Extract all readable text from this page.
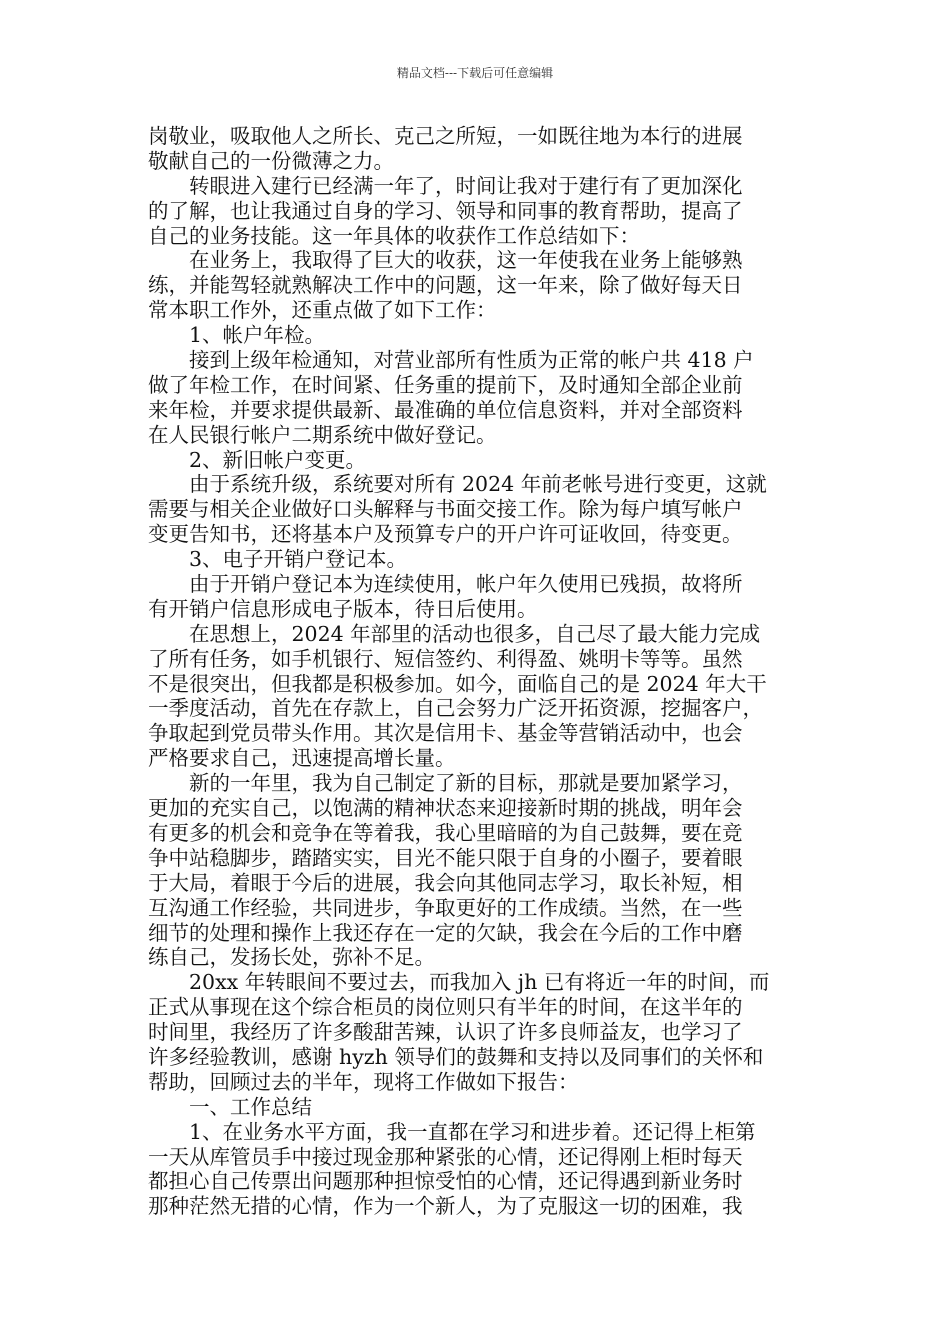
精品文档---下载后可任意编辑

岗敬业，吸取他人之所长、克己之所短，一如既往地为本行的进展
敬献自己的一份微薄之力。
　　转眼进入建行已经满一年了，时间让我对于建行有了更加深化
的了解，也让我通过自身的学习、领导和同事的教育帮助，提高了
自己的业务技能。这一年具体的收获作工作总结如下：
　　在业务上，我取得了巨大的收获，这一年使我在业务上能够熟
练，并能驾轻就熟解决工作中的问题，这一年来，除了做好每天日
常本职工作外，还重点做了如下工作：
　　1、帐户年检。
　　接到上级年检通知，对营业部所有性质为正常的帐户共 418 户
做了年检工作，在时间紧、任务重的提前下，及时通知全部企业前
来年检，并要求提供最新、最准确的单位信息资料，并对全部资料
在人民银行帐户二期系统中做好登记。
　　2、新旧帐户变更。
　　由于系统升级，系统要对所有 2024 年前老帐号进行变更，这就
需要与相关企业做好口头解释与书面交接工作。除为每户填写帐户
变更告知书，还将基本户及预算专户的开户许可证收回，待变更。
　　3、电子开销户登记本。
　　由于开销户登记本为连续使用，帐户年久使用已残损，故将所
有开销户信息形成电子版本，待日后使用。
　　在思想上，2024 年部里的活动也很多，自己尽了最大能力完成
了所有任务，如手机银行、短信签约、利得盈、姚明卡等等。虽然
不是很突出，但我都是积极参加。如今，面临自己的是 2024 年大干
一季度活动，首先在存款上，自己会努力广泛开拓资源，挖掘客户，
争取起到党员带头作用。其次是信用卡、基金等营销活动中，也会
严格要求自己，迅速提高增长量。
　　新的一年里，我为自己制定了新的目标，那就是要加紧学习，
更加的充实自己，以饱满的精神状态来迎接新时期的挑战，明年会
有更多的机会和竞争在等着我，我心里暗暗的为自己鼓舞，要在竞
争中站稳脚步，踏踏实实，目光不能只限于自身的小圈子，要着眼
于大局，着眼于今后的进展，我会向其他同志学习，取长补短，相
互沟通工作经验，共同进步，争取更好的工作成绩。当然，在一些
细节的处理和操作上我还存在一定的欠缺，我会在今后的工作中磨
练自己，发扬长处，弥补不足。
　　20xx 年转眼间不要过去，而我加入 jh 已有将近一年的时间，而
正式从事现在这个综合柜员的岗位则只有半年的时间，在这半年的
时间里，我经历了许多酸甜苦辣，认识了许多良师益友，也学习了
许多经验教训，感谢 hyzh 领导们的鼓舞和支持以及同事们的关怀和
帮助，回顾过去的半年，现将工作做如下报告：
　　一、工作总结
　　1、在业务水平方面，我一直都在学习和进步着。还记得上柜第
一天从库管员手中接过现金那种紧张的心情，还记得刚上柜时每天
都担心自己传票出问题那种担惊受怕的心情，还记得遇到新业务时
那种茫然无措的心情，作为一个新人，为了克服这一切的困难，我
